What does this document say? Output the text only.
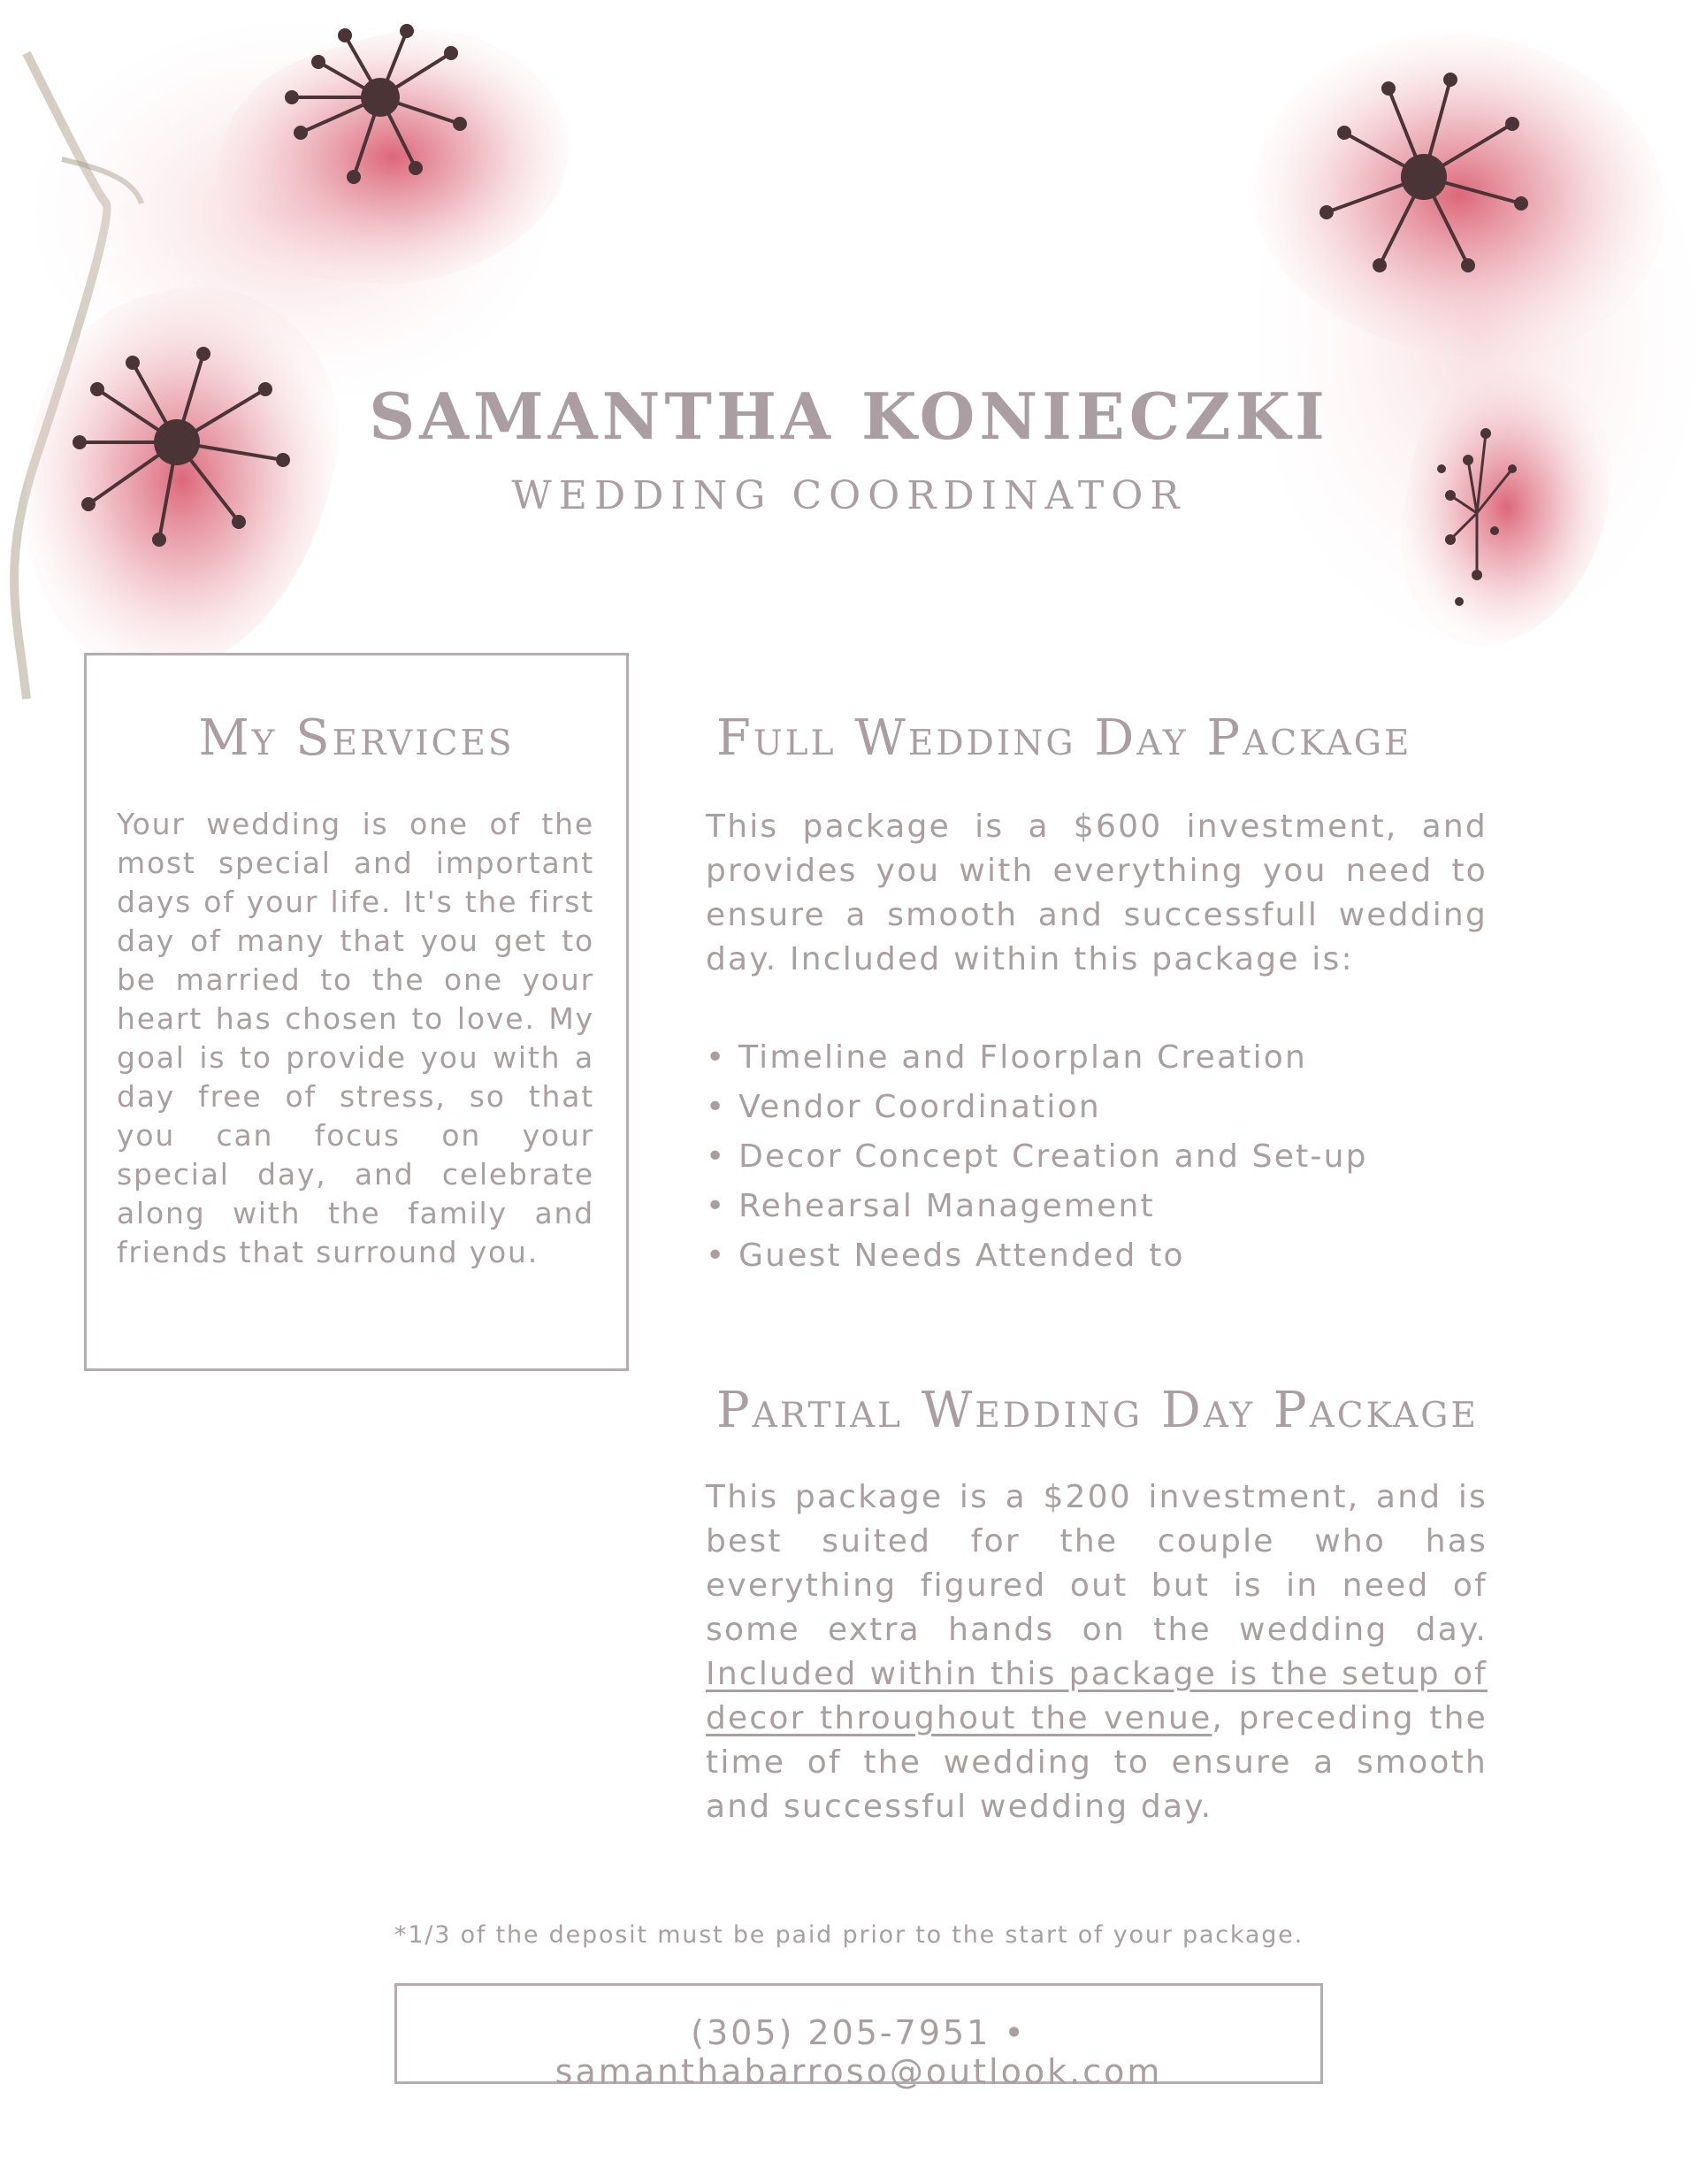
SAMANTHA KONIECZKI
WEDDING COORDINATOR
My Services
Your wedding is one of the most special and important days of your life. It's the first day of many that you get to be married to the one your heart has chosen to love. My goal is to provide you with a day free of stress, so that you can focus on your special day, and celebrate along with the family and friends that surround you.
Full Wedding Day Package
This package is a $600 investment, and provides you with everything you need to ensure a smooth and successfull wedding day. Included within this package is:
• Timeline and Floorplan Creation
• Vendor Coordination
• Decor Concept Creation and Set-up
• Rehearsal Management
• Guest Needs Attended to
Partial Wedding Day Package
This package is a $200 investment, and is best suited for the couple who has everything figured out but is in need of some extra hands on the wedding day. Included within this package is the setup of decor throughout the venue, preceding the time of the wedding to ensure a smooth and successful wedding day.
*1/3 of the deposit must be paid prior to the start of your package.
(305) 205-7951 • samanthabarroso@outlook.com
